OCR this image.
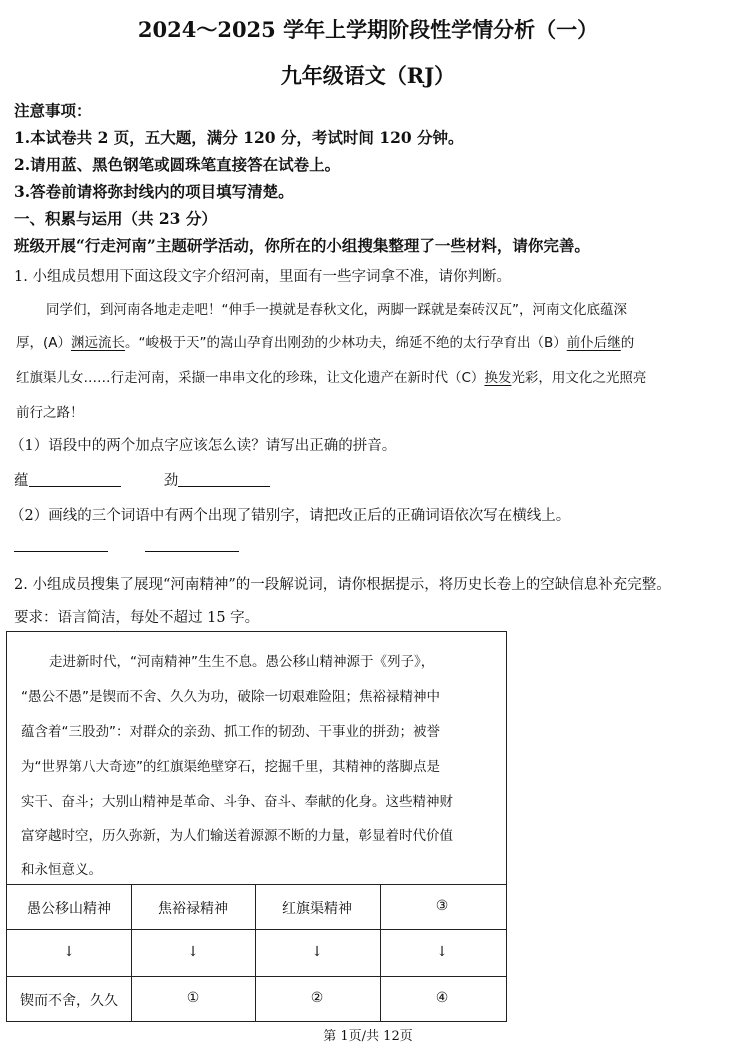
2024～2025 学年上学期阶段性学情分析（一）
九年级语文（RJ）
注意事项：
1.本试卷共 2 页，五大题，满分 120 分，考试时间 120 分钟。
2.请用蓝、黑色钢笔或圆珠笔直接答在试卷上。
3.答卷前请将弥封线内的项目填写清楚。
一、积累与运用（共 23 分）
班级开展“行走河南”主题研学活动，你所在的小组搜集整理了一些材料，请你完善。
1. 小组成员想用下面这段文字介绍河南，里面有一些字词拿不准，请你判断。
同学们，到河南各地走走吧！“伸手一摸就是春秋文化，两脚一踩就是秦砖汉瓦”，河南文化底蕴深
厚，(A）渊远流长。“峻极于天”的嵩山孕育出刚劲的少林功夫，绵延不绝的太行孕育出（B）前仆后继的
红旗渠儿女……行走河南，采撷一串串文化的珍珠，让文化遗产在新时代（C）换发光彩，用文化之光照亮
前行之路！
（1）语段中的两个加点字应该怎么读？请写出正确的拼音。
蕴	劲
（2）画线的三个词语中有两个出现了错别字，请把改正后的正确词语依次写在横线上。

2. 小组成员搜集了展现“河南精神”的一段解说词，请你根据提示，将历史长卷上的空缺信息补充完整。
要求：语言简洁，每处不超过 15 字。
走进新时代，“河南精神”生生不息。愚公移山精神源于《列子》，
“愚公不愚”是锲而不舍、久久为功，破除一切艰难险阻；焦裕禄精神中
蕴含着“三股劲”：对群众的亲劲、抓工作的韧劲、干事业的拼劲；被誉
为“世界第八大奇迹”的红旗渠绝壁穿石，挖掘千里，其精神的落脚点是
实干、奋斗；大别山精神是革命、斗争、奋斗、奉献的化身。这些精神财
富穿越时空，历久弥新，为人们输送着源源不断的力量，彰显着时代价值
和永恒意义。
愚公移山精神	焦裕禄精神	红旗渠精神	③
↓	↓	↓	↓
锲而不舍，久久	①	②	④
第 1页/共 12页
